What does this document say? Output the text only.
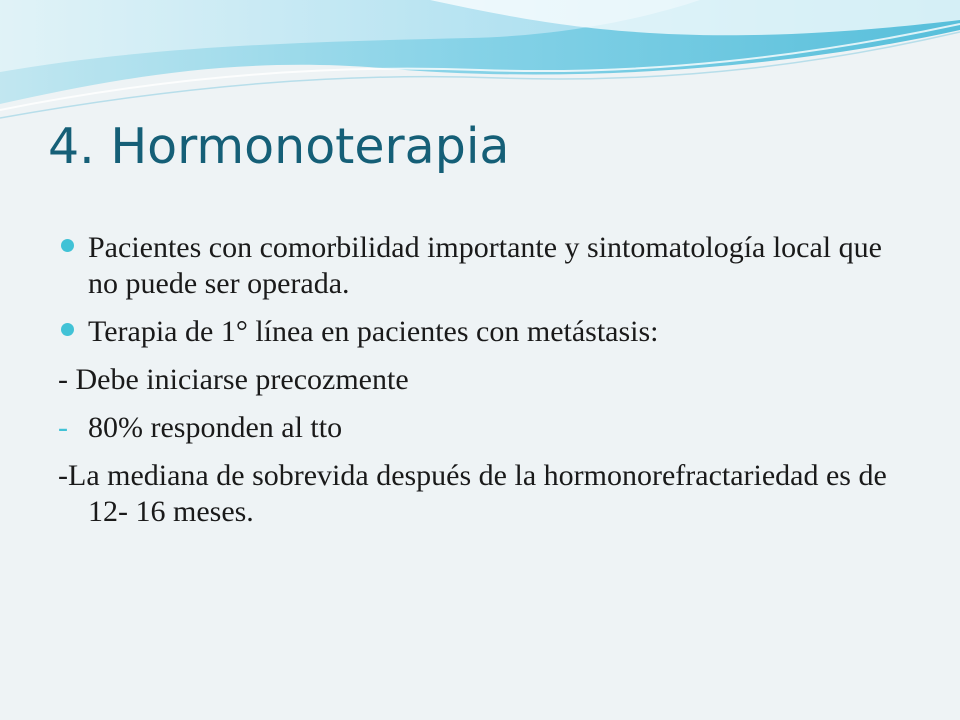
4. Hormonoterapia
Pacientes con comorbilidad importante y sintomatología local que no puede ser operada.
Terapia de 1° línea en pacientes con metástasis:
- Debe iniciarse precozmente
- 80% responden al tto
-La mediana de sobrevida después de la hormonorefractariedad es de 12- 16 meses.
